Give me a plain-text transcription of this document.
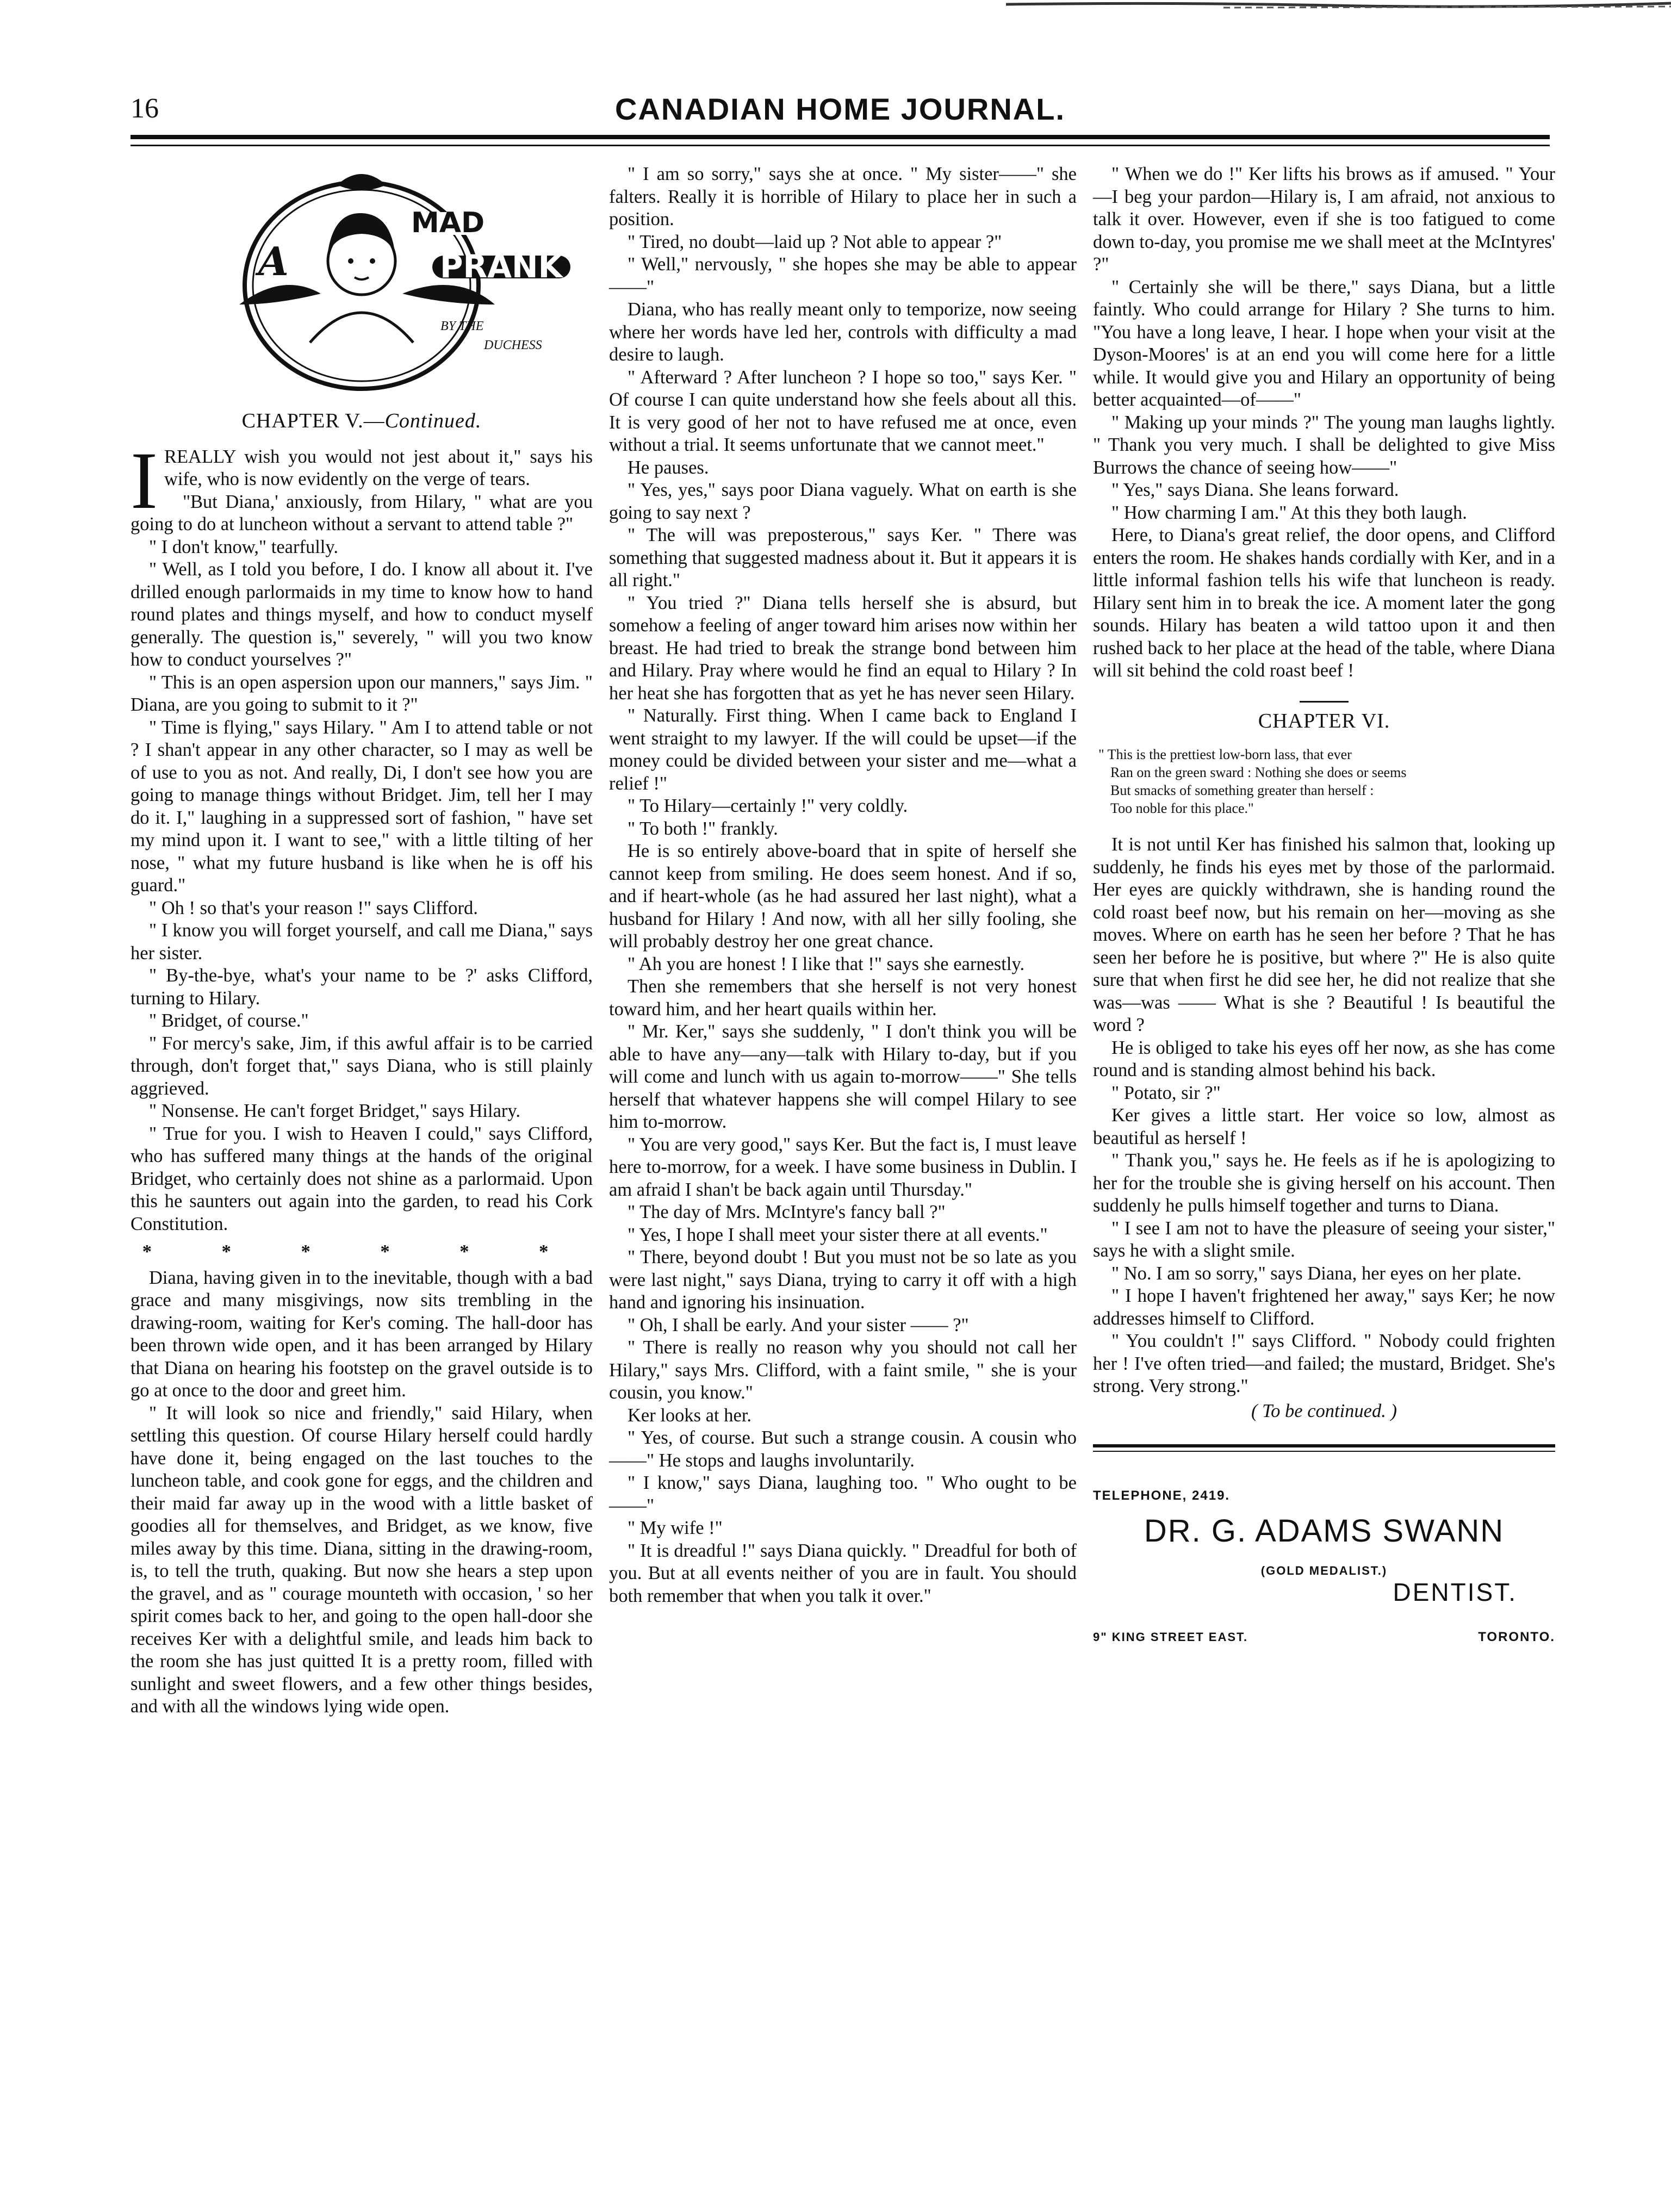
16	CANADIAN HOME JOURNAL.
A
MAD
PRANK
BY THE
DUCHESS
CHAPTER V.—Continued.

IREALLY wish you would not jest about it," says his wife, who is now evidently on the verge of tears.

"But Diana,' anxiously, from Hilary, " what are you going to do at luncheon without a servant to attend table ?"

" I don't know," tearfully.

" Well, as I told you before, I do. I know all about it. I've drilled enough parlormaids in my time to know how to hand round plates and things myself, and how to conduct myself generally. The question is," severely, " will you two know how to conduct yourselves ?"

" This is an open aspersion upon our manners," says Jim. " Diana, are you going to submit to it ?"

" Time is flying," says Hilary. " Am I to attend table or not ? I shan't appear in any other character, so I may as well be of use to you as not. And really, Di, I don't see how you are going to manage things without Bridget. Jim, tell her I may do it. I," laughing in a suppressed sort of fashion, " have set my mind upon it. I want to see," with a little tilting of her nose, " what my future husband is like when he is off his guard."

" Oh ! so that's your reason !" says Clifford.

" I know you will forget yourself, and call me Diana," says her sister.

" By-the-bye, what's your name to be ?' asks Clifford, turning to Hilary.

" Bridget, of course."

" For mercy's sake, Jim, if this awful affair is to be carried through, don't forget that," says Diana, who is still plainly aggrieved.

" Nonsense. He can't forget Bridget," says Hilary.

" True for you. I wish to Heaven I could," says Clifford, who has suffered many things at the hands of the original Bridget, who certainly does not shine as a parlormaid. Upon this he saunters out again into the garden, to read his Cork Constitution.

* * * * * *

Diana, having given in to the inevitable, though with a bad grace and many misgivings, now sits trembling in the drawing-room, waiting for Ker's coming. The hall-door has been thrown wide open, and it has been arranged by Hilary that Diana on hearing his footstep on the gravel outside is to go at once to the door and greet him.

" It will look so nice and friendly," said Hilary, when settling this question. Of course Hilary herself could hardly have done it, being engaged on the last touches to the luncheon table, and cook gone for eggs, and the children and their maid far away up in the wood with a little basket of goodies all for themselves, and Bridget, as we know, five miles away by this time. Diana, sitting in the drawing-room, is, to tell the truth, quaking. But now she hears a step upon the gravel, and as " courage mounteth with occasion, ' so her spirit comes back to her, and going to the open hall-door she receives Ker with a delightful smile, and leads him back to the room she has just quitted It is a pretty room, filled with sunlight and sweet flowers, and a few other things besides, and with all the windows lying wide open.

" I am so sorry," says she at once. " My sister——" she falters. Really it is horrible of Hilary to place her in such a position.

" Tired, no doubt—laid up ? Not able to appear ?"

" Well," nervously, " she hopes she may be able to appear——"

Diana, who has really meant only to temporize, now seeing where her words have led her, controls with difficulty a mad desire to laugh.

" Afterward ? After luncheon ? I hope so too," says Ker. " Of course I can quite understand how she feels about all this. It is very good of her not to have refused me at once, even without a trial. It seems unfortunate that we cannot meet."

He pauses.

" Yes, yes," says poor Diana vaguely. What on earth is she going to say next ?

" The will was preposterous," says Ker. " There was something that suggested madness about it. But it appears it is all right."

" You tried ?" Diana tells herself she is absurd, but somehow a feeling of anger toward him arises now within her breast. He had tried to break the strange bond between him and Hilary. Pray where would he find an equal to Hilary ? In her heat she has forgotten that as yet he has never seen Hilary.

" Naturally. First thing. When I came back to England I went straight to my lawyer. If the will could be upset—if the money could be divided between your sister and me—what a relief !"

" To Hilary—certainly !" very coldly.

" To both !" frankly.

He is so entirely above-board that in spite of herself she cannot keep from smiling. He does seem honest. And if so, and if heart-whole (as he had assured her last night), what a husband for Hilary ! And now, with all her silly fooling, she will probably destroy her one great chance.

" Ah you are honest ! I like that !" says she earnestly.

Then she remembers that she herself is not very honest toward him, and her heart quails within her.

" Mr. Ker," says she suddenly, " I don't think you will be able to have any—any—talk with Hilary to-day, but if you will come and lunch with us again to-morrow——" She tells herself that whatever happens she will compel Hilary to see him to-morrow.

" You are very good," says Ker. But the fact is, I must leave here to-morrow, for a week. I have some business in Dublin. I am afraid I shan't be back again until Thursday."

" The day of Mrs. McIntyre's fancy ball ?"

" Yes, I hope I shall meet your sister there at all events."

" There, beyond doubt ! But you must not be so late as you were last night," says Diana, trying to carry it off with a high hand and ignoring his insinuation.

" Oh, I shall be early. And your sister —— ?"

" There is really no reason why you should not call her Hilary," says Mrs. Clifford, with a faint smile, " she is your cousin, you know."

Ker looks at her.

" Yes, of course. But such a strange cousin. A cousin who——" He stops and laughs involuntarily.

" I know," says Diana, laughing too. " Who ought to be——"

" My wife !"

" It is dreadful !" says Diana quickly. " Dreadful for both of you. But at all events neither of you are in fault. You should both remember that when you talk it over."

" When we do !" Ker lifts his brows as if amused. " Your—I beg your pardon—Hilary is, I am afraid, not anxious to talk it over. However, even if she is too fatigued to come down to-day, you promise me we shall meet at the McIntyres' ?"

" Certainly she will be there," says Diana, but a little faintly. Who could arrange for Hilary ? She turns to him. "You have a long leave, I hear. I hope when your visit at the Dyson-Moores' is at an end you will come here for a little while. It would give you and Hilary an opportunity of being better acquainted—of——"

" Making up your minds ?" The young man laughs lightly. " Thank you very much. I shall be delighted to give Miss Burrows the chance of seeing how——"

" Yes," says Diana. She leans forward.

" How charming I am." At this they both laugh.

Here, to Diana's great relief, the door opens, and Clifford enters the room. He shakes hands cordially with Ker, and in a little informal fashion tells his wife that luncheon is ready. Hilary sent him in to break the ice. A moment later the gong sounds. Hilary has beaten a wild tattoo upon it and then rushed back to her place at the head of the table, where Diana will sit behind the cold roast beef !

CHAPTER VI.
" This is the prettiest low-born lass, that ever
Ran on the green sward : Nothing she does or seems
But smacks of something greater than herself :
Too noble for this place."

It is not until Ker has finished his salmon that, looking up suddenly, he finds his eyes met by those of the parlormaid. Her eyes are quickly withdrawn, she is handing round the cold roast beef now, but his remain on her—moving as she moves. Where on earth has he seen her before ? That he has seen her before he is positive, but where ?" He is also quite sure that when first he did see her, he did not realize that she was—was —— What is she ? Beautiful ! Is beautiful the word ?

He is obliged to take his eyes off her now, as she has come round and is standing almost behind his back.

" Potato, sir ?"

Ker gives a little start. Her voice so low, almost as beautiful as herself !

" Thank you," says he. He feels as if he is apologizing to her for the trouble she is giving herself on his account. Then suddenly he pulls himself together and turns to Diana.

" I see I am not to have the pleasure of seeing your sister," says he with a slight smile.

" No. I am so sorry," says Diana, her eyes on her plate.

" I hope I haven't frightened her away," says Ker; he now addresses himself to Clifford.

" You couldn't !" says Clifford. " Nobody could frighten her ! I've often tried—and failed; the mustard, Bridget. She's strong. Very strong."

( To be continued. )
TELEPHONE, 2419.
DR. G. ADAMS SWANN
(GOLD MEDALIST.)
DENTIST.
9" KING STREET EAST.	TORONTO.
